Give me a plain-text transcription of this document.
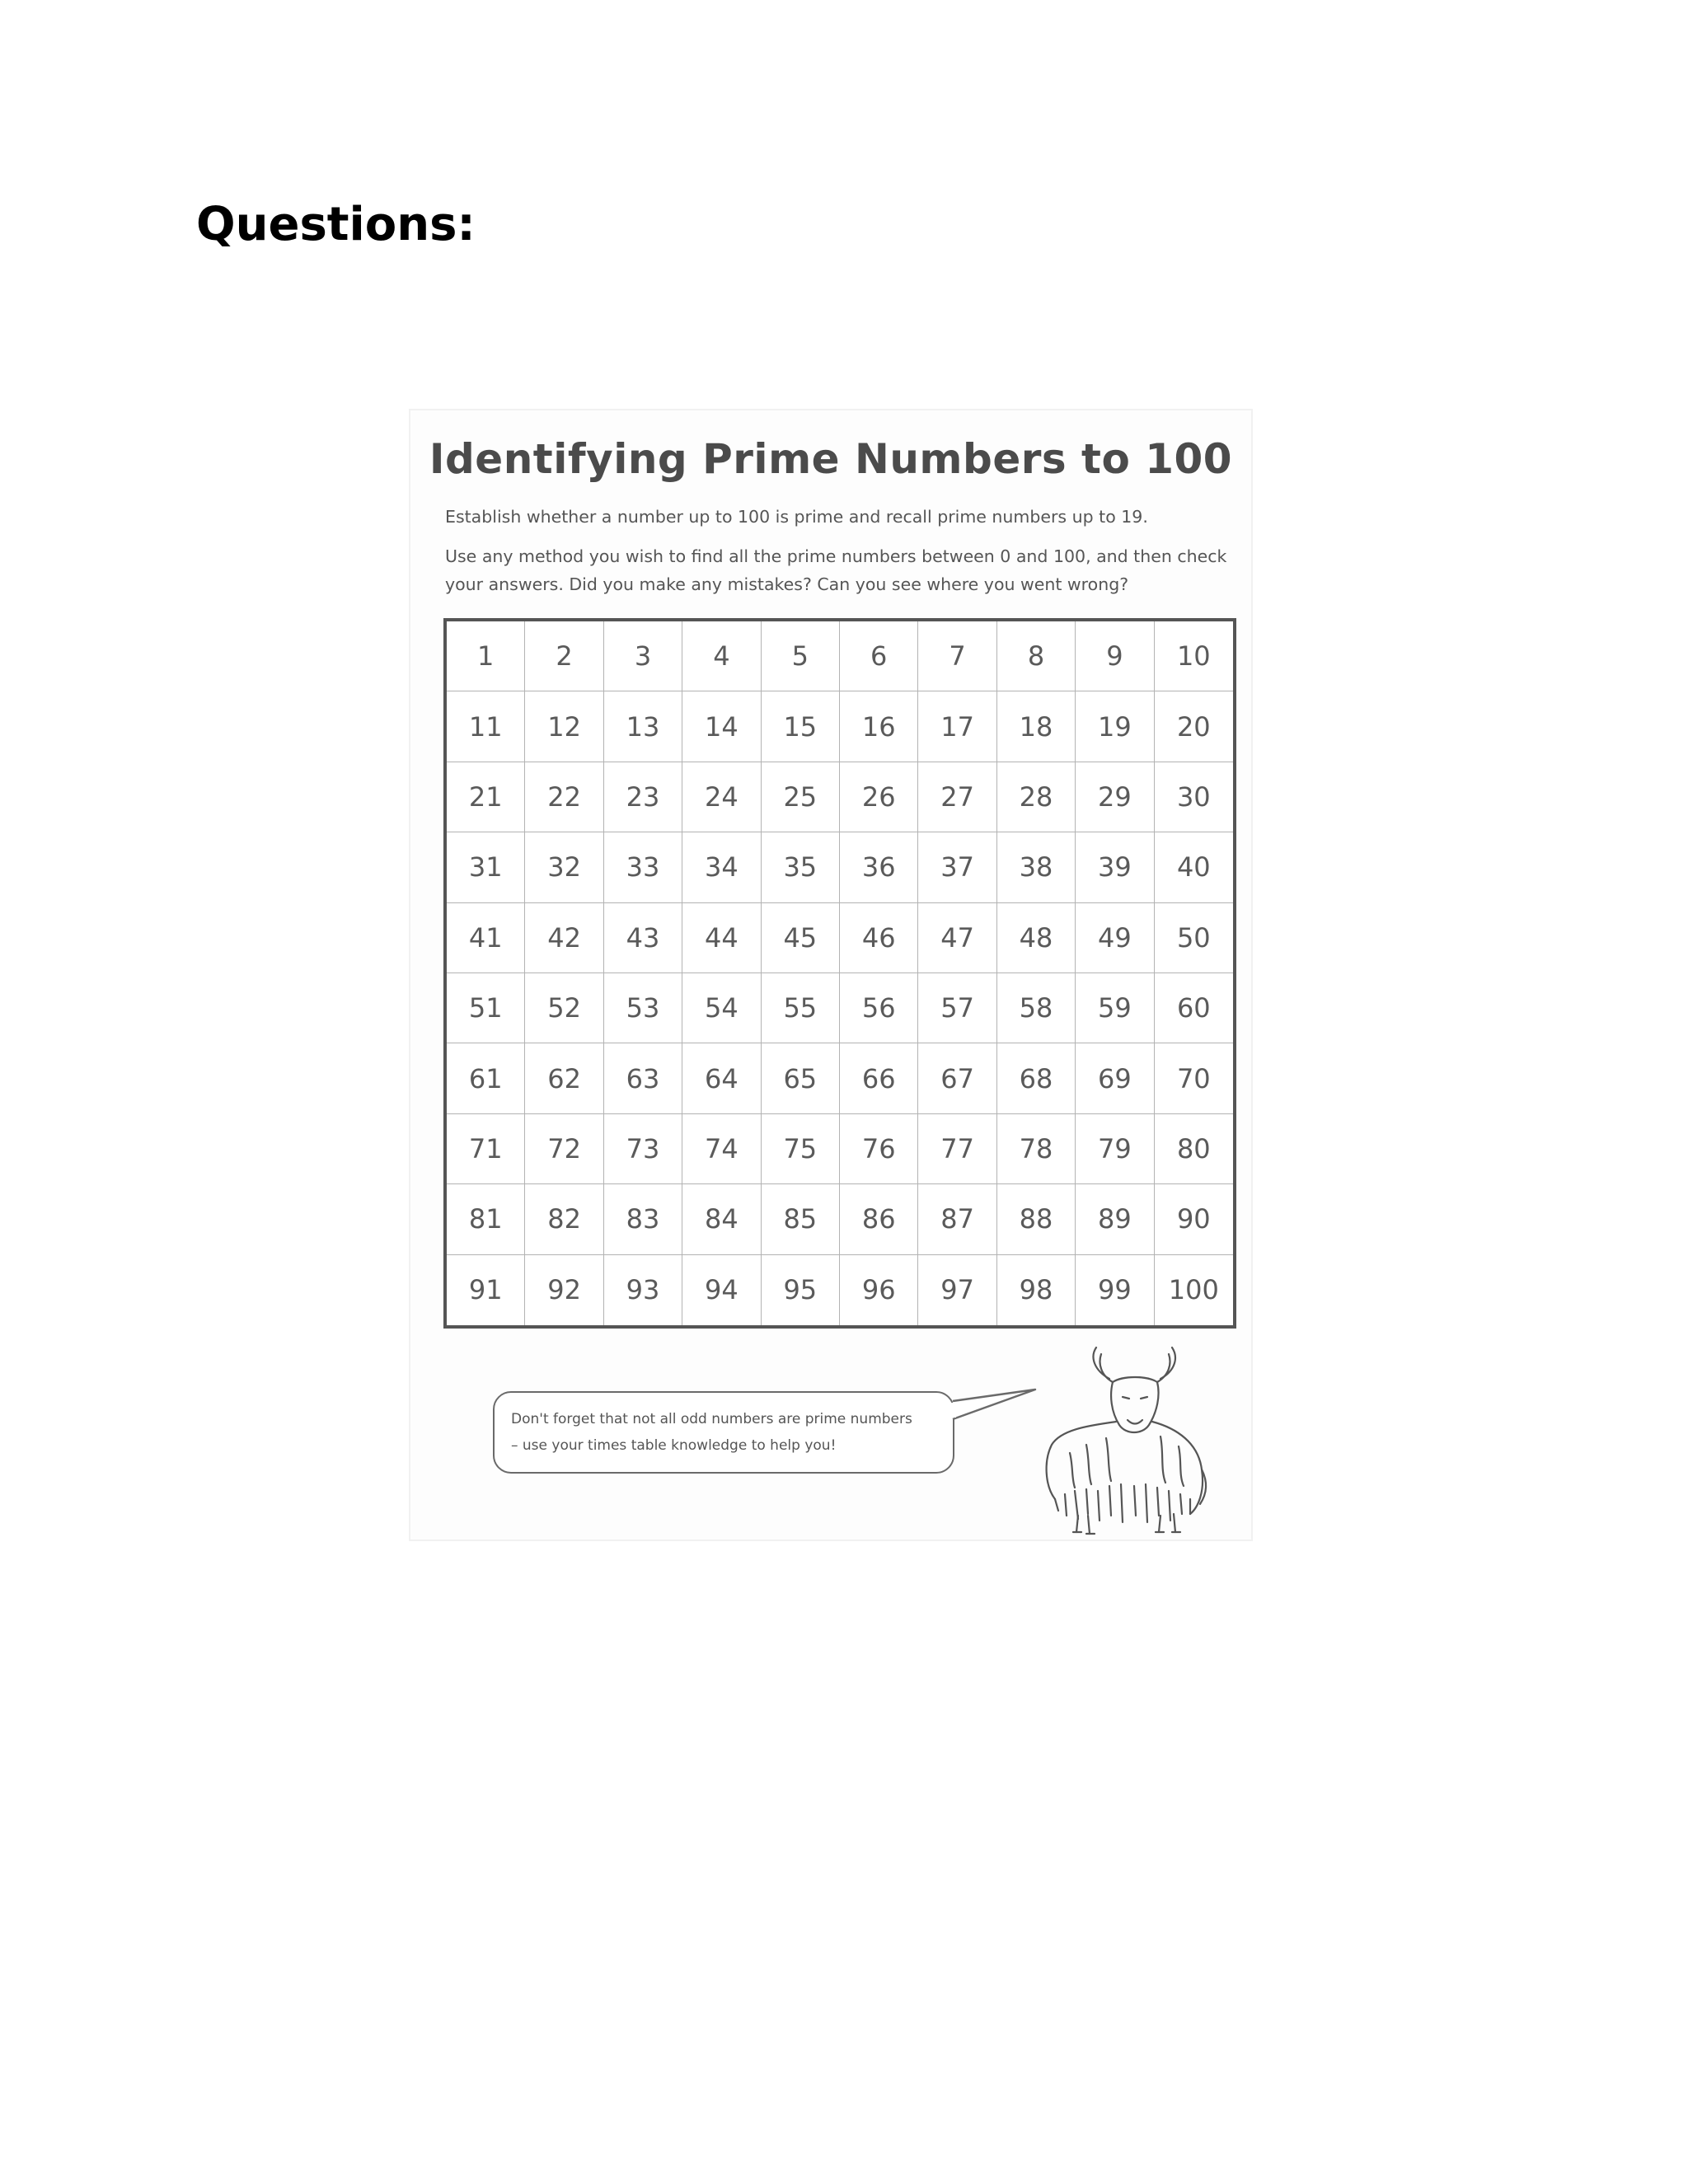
Questions:
Identifying Prime Numbers to 100

Establish whether a number up to 100 is prime and recall prime numbers up to 19.

Use any method you wish to find all the prime numbers between 0 and 100, and then check your answers. Did you make any mistakes? Can you see where you went wrong?

1	2	3	4	5	6	7	8	9	10
11	12	13	14	15	16	17	18	19	20
21	22	23	24	25	26	27	28	29	30
31	32	33	34	35	36	37	38	39	40
41	42	43	44	45	46	47	48	49	50
51	52	53	54	55	56	57	58	59	60
61	62	63	64	65	66	67	68	69	70
71	72	73	74	75	76	77	78	79	80
81	82	83	84	85	86	87	88	89	90
91	92	93	94	95	96	97	98	99	100

Don't forget that not all odd numbers are prime numbers

– use your times table knowledge to help you!
